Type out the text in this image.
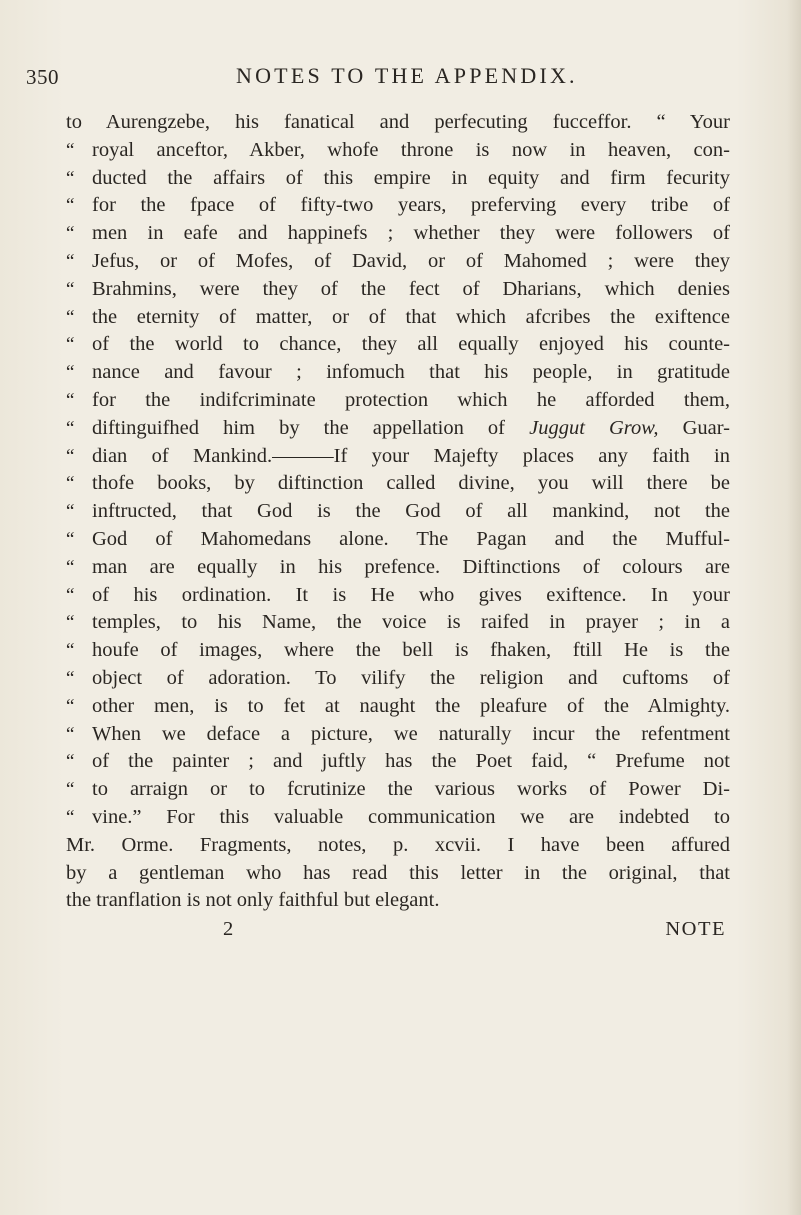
350	NOTES TO THE APPENDIX.
to Aurengzebe, his fanatical and perfecuting fucceffor. “ Your
“ royal anceftor, Akber, whofe throne is now in heaven, con-
“ ducted the affairs of this empire in equity and firm fecurity
“ for the fpace of fifty-two years, preferving every tribe of
“ men in eafe and happinefs ; whether they were followers of
“ Jefus, or of Mofes, of David, or of Mahomed ; were they
“ Brahmins, were they of the fect of Dharians, which denies
“ the eternity of matter, or of that which afcribes the exiftence
“ of the world to chance, they all equally enjoyed his counte-
“ nance and favour ; infomuch that his people, in gratitude
“ for the indifcriminate protection which he afforded them,
“ diftinguifhed him by the appellation of Juggut Grow, Guar-
“ dian of Mankind.———If your Majefty places any faith in
“ thofe books, by diftinction called divine, you will there be
“ inftructed, that God is the God of all mankind, not the
“ God of Mahomedans alone. The Pagan and the Mufful-
“ man are equally in his prefence. Diftinctions of colours are
“ of his ordination. It is He who gives exiftence. In your
“ temples, to his Name, the voice is raifed in prayer ; in a
“ houfe of images, where the bell is fhaken, ftill He is the
“ object of adoration. To vilify the religion and cuftoms of
“ other men, is to fet at naught the pleafure of the Almighty.
“ When we deface a picture, we naturally incur the refentment
“ of the painter ; and juftly has the Poet faid, “ Prefume not
“ to arraign or to fcrutinize the various works of Power Di-
“ vine.” For this valuable communication we are indebted to
Mr. Orme. Fragments, notes, p. xcvii. I have been affured
by a gentleman who has read this letter in the original, that
the tranflation is not only faithful but elegant.
2	NOTE
